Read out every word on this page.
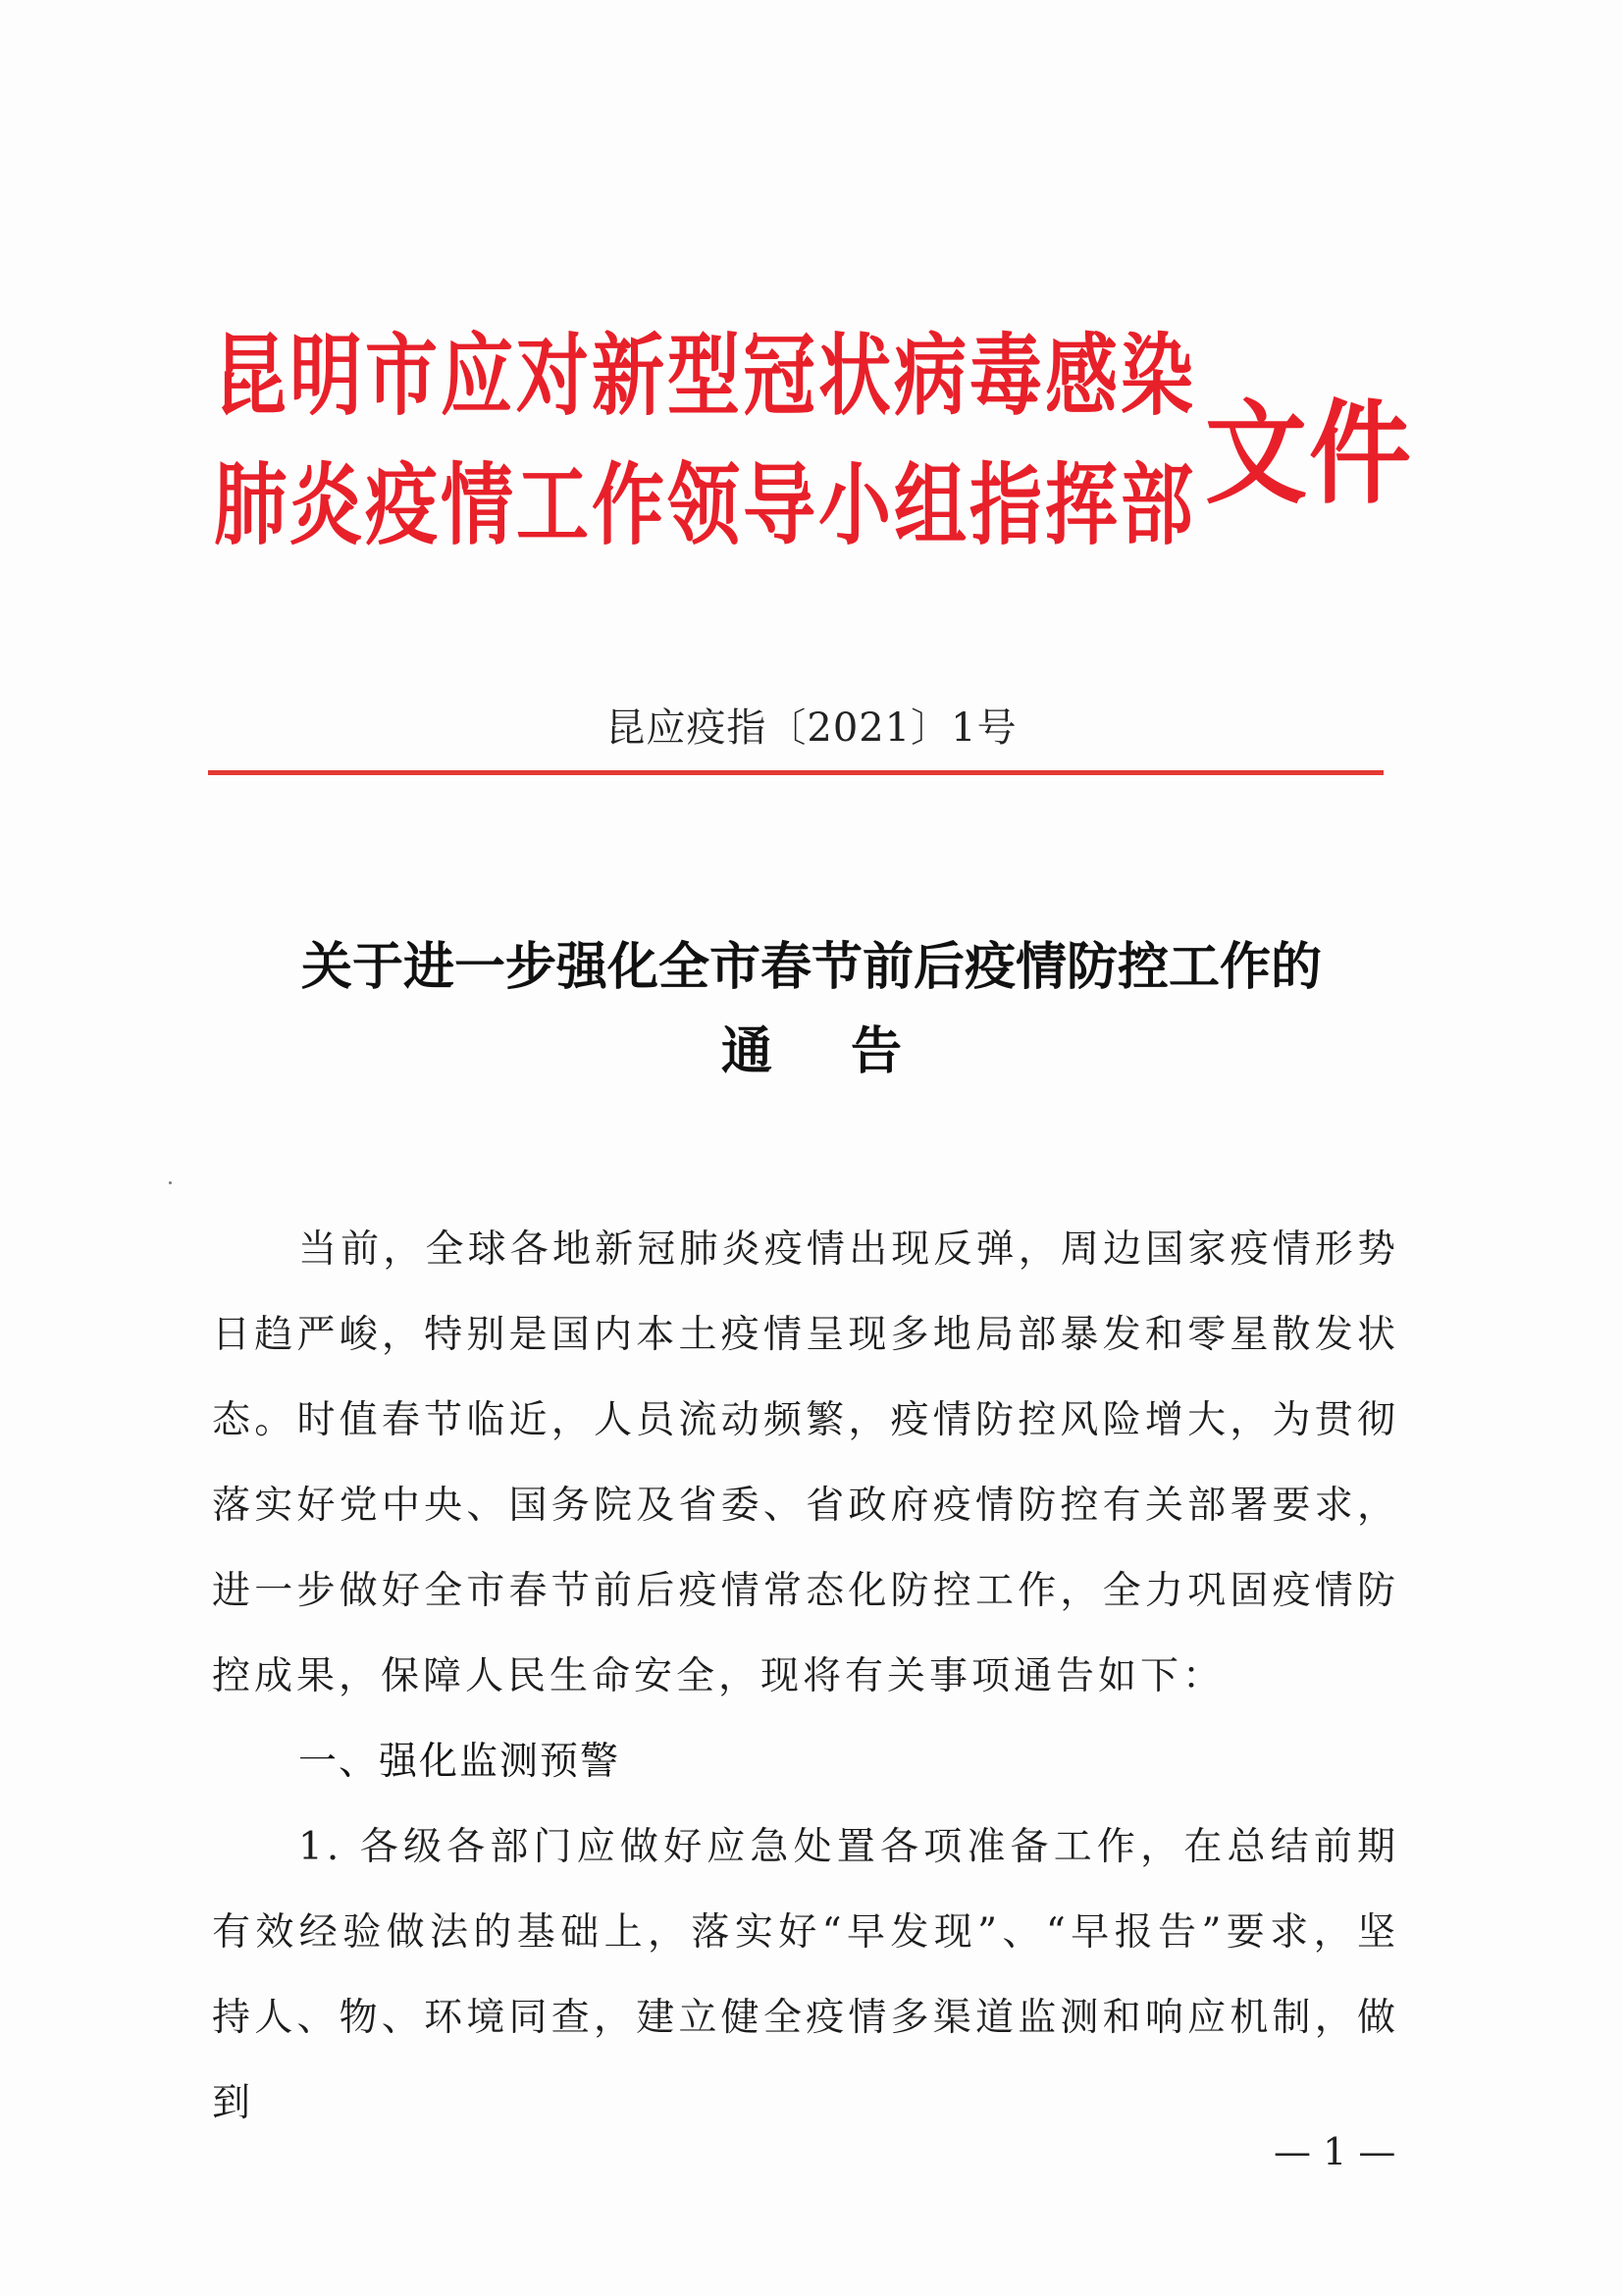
昆明市应对新型冠状病毒感染
肺炎疫情工作领导小组指挥部 文件
昆应疫指〔2021〕1号
关于进一步强化全市春节前后疫情防控工作的
通告

当前，全球各地新冠肺炎疫情出现反弹，周边国家疫情形势日趋严峻，特别是国内本土疫情呈现多地局部暴发和零星散发状态。时值春节临近，人员流动频繁，疫情防控风险增大，为贯彻落实好党中央、国务院及省委、省政府疫情防控有关部署要求，进一步做好全市春节前后疫情常态化防控工作，全力巩固疫情防控成果，保障人民生命安全，现将有关事项通告如下：

一、强化监测预警

1. 各级各部门应做好应急处置各项准备工作，在总结前期有效经验做法的基础上，落实好“早发现”、“早报告”要求，坚持人、物、环境同查，建立健全疫情多渠道监测和响应机制，做到

— 1 —
